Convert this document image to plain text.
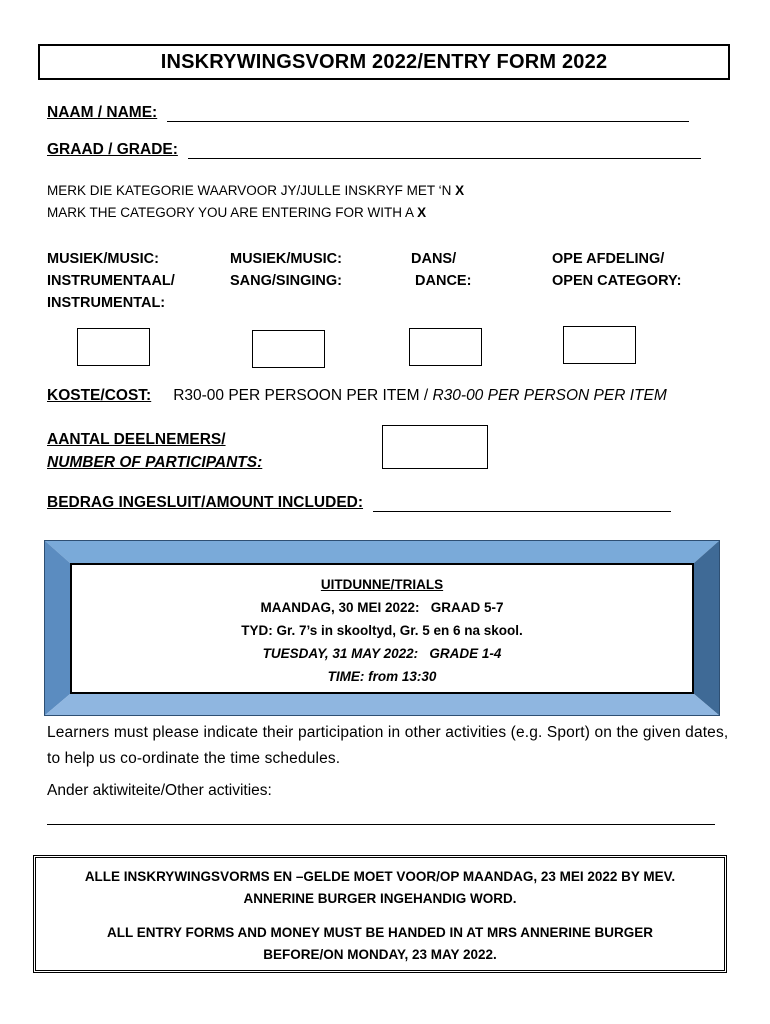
INSKRYWINGSVORM 2022/ENTRY FORM 2022
NAAM / NAME:
GRAAD / GRADE:
MERK DIE KATEGORIE WAARVOOR JY/JULLE INSKRYF MET ‘N X
MARK THE CATEGORY YOU ARE ENTERING FOR WITH A X
MUSIEK/MUSIC:
INSTRUMENTAAL/
INSTRUMENTAL:
MUSIEK/MUSIC:
SANG/SINGING:
DANS/
DANCE:
OPE AFDELING/
OPEN CATEGORY:
KOSTE/COST: R30-00 PER PERSOON PER ITEM / R30-00 PER PERSON PER ITEM
AANTAL DEELNEMERS/
NUMBER OF PARTICIPANTS:
BEDRAG INGESLUIT/AMOUNT INCLUDED:
UITDUNNE/TRIALS
MAANDAG, 30 MEI 2022:   GRAAD 5-7
TYD: Gr. 7’s in skooltyd, Gr. 5 en 6 na skool.
TUESDAY, 31 MAY 2022:   GRADE 1-4
TIME: from 13:30
Learners must please indicate their participation in other activities (e.g. Sport) on the given dates, to help us co-ordinate the time schedules.
Ander aktiwiteite/Other activities:
ALLE INSKRYWINGSVORMS EN –GELDE MOET VOOR/OP MAANDAG, 23 MEI 2022 BY MEV. ANNERINE BURGER INGEHANDIG WORD.
ALL ENTRY FORMS AND MONEY MUST BE HANDED IN AT MRS ANNERINE BURGER BEFORE/ON MONDAY, 23 MAY 2022.
